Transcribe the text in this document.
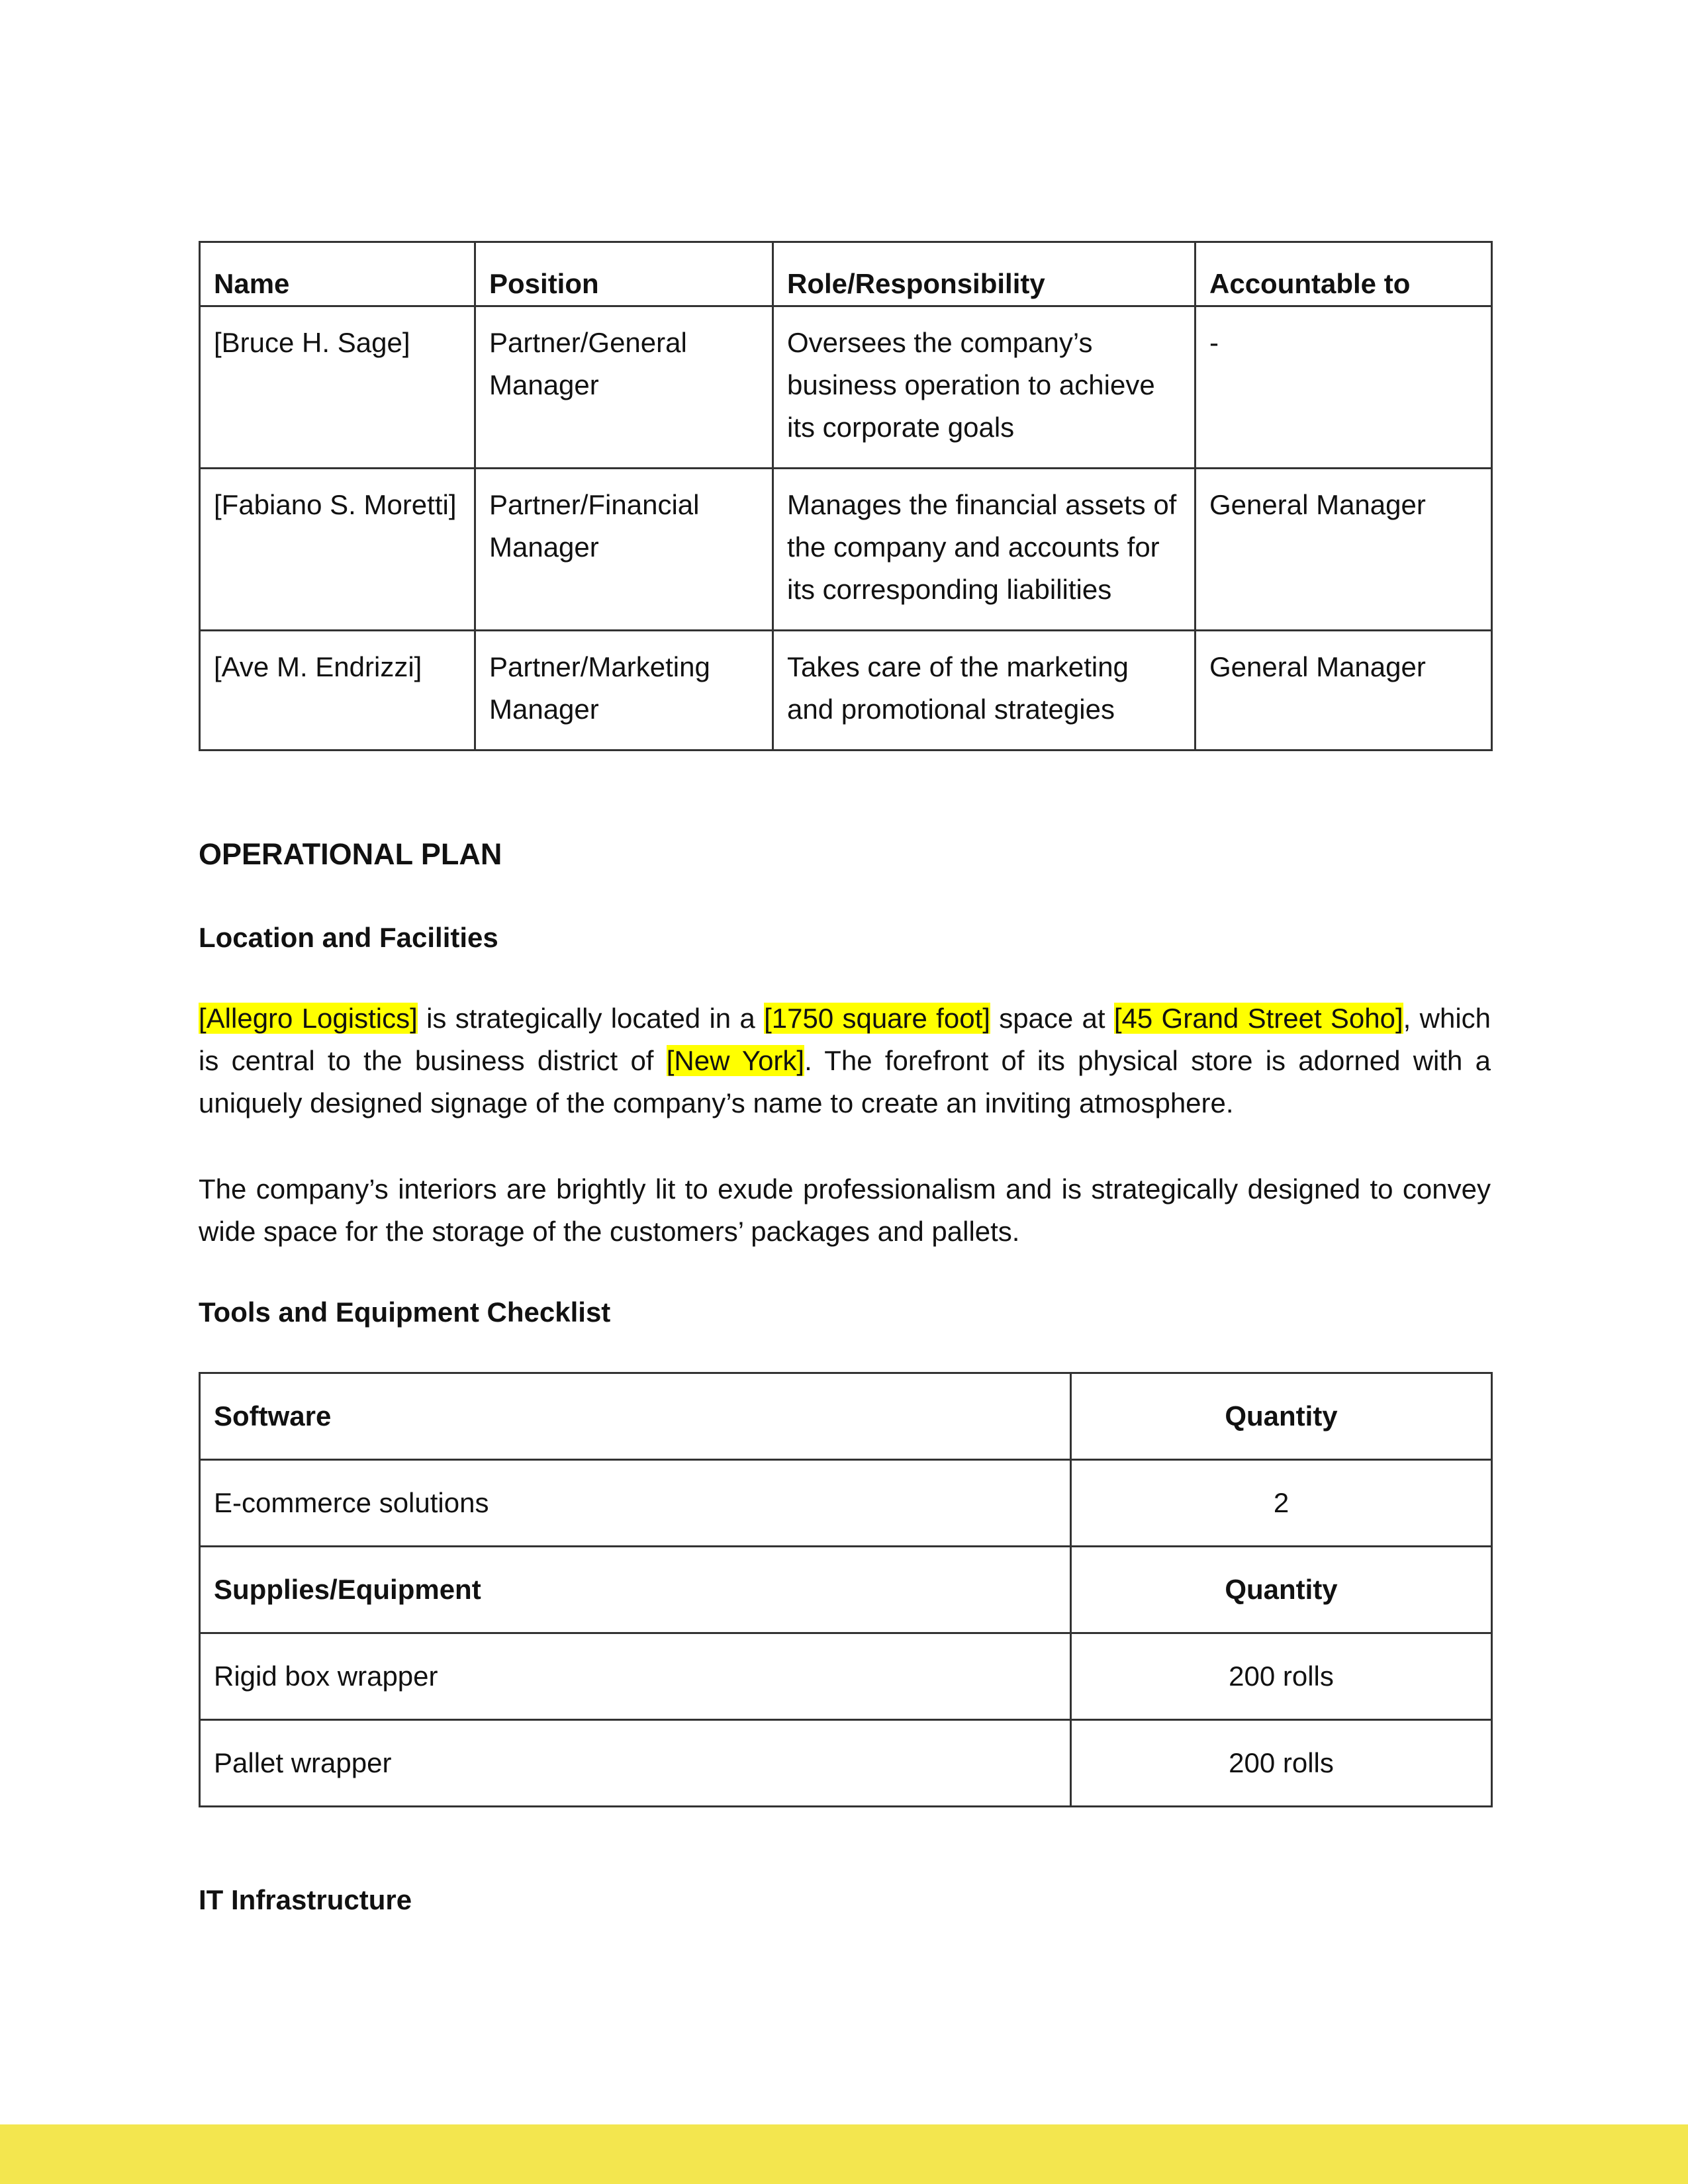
Name	Position	Role/Responsibility	Accountable to
[Bruce H. Sage]	Partner/General Manager	Oversees the company’s business operation to achieve its corporate goals	-
[Fabiano S. Moretti]	Partner/Financial Manager	Manages the financial assets of the company and accounts for its corresponding liabilities	General Manager
[Ave M. Endrizzi]	Partner/Marketing Manager	Takes care of the marketing and promotional strategies	General Manager
OPERATIONAL PLAN
Location and Facilities

[Allegro Logistics] is strategically located in a [1750 square foot] space at [45 Grand Street Soho], which is central to the business district of [New York]. The forefront of its physical store is adorned with a uniquely designed signage of the company’s name to create an inviting atmosphere.

The company’s interiors are brightly lit to exude professionalism and is strategically designed to convey wide space for the storage of the customers’ packages and pallets.

Tools and Equipment Checklist
Software	Quantity
E-commerce solutions	2
Supplies/Equipment	Quantity
Rigid box wrapper	200 rolls
Pallet wrapper	200 rolls
IT Infrastructure
